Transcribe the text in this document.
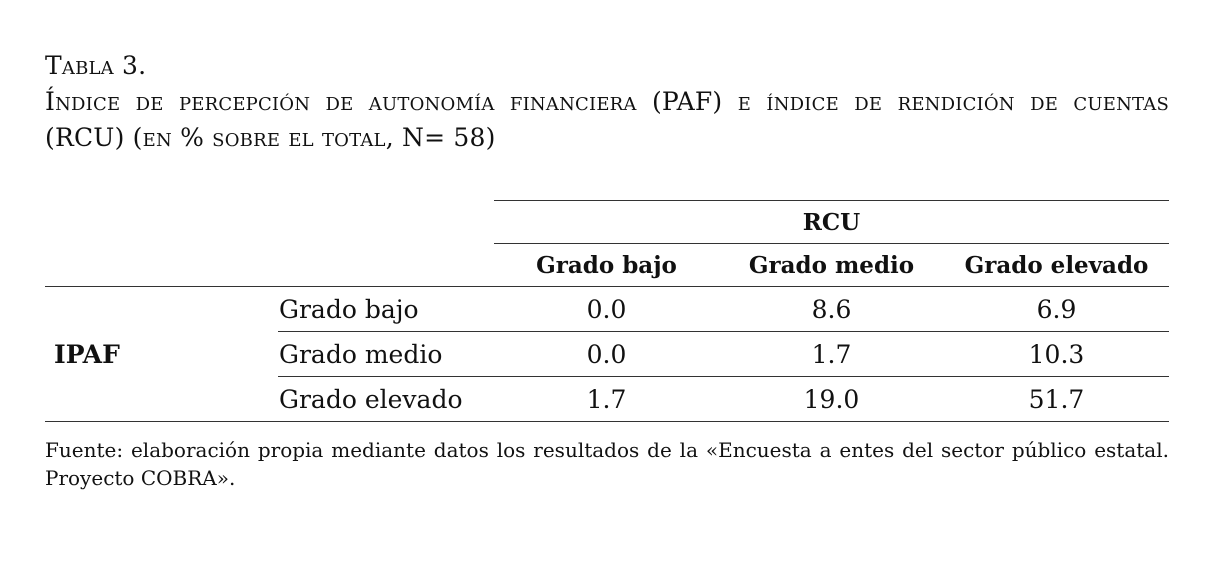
Tabla 3.
Índice de percepción de autonomía financiera (PAF) e índice de rendición de cuentas (RCU) (en % sobre el total, N= 58)
		RCU		
		Grado bajo	Grado medio	Grado elevado
IPAF	Grado bajo	0.0	8.6	6.9
	Grado medio	0.0	1.7	10.3
	Grado elevado	1.7	19.0	51.7
Fuente: elaboración propia mediante datos los resultados de la «Encuesta a entes del sector público estatal. Proyecto COBRA».
